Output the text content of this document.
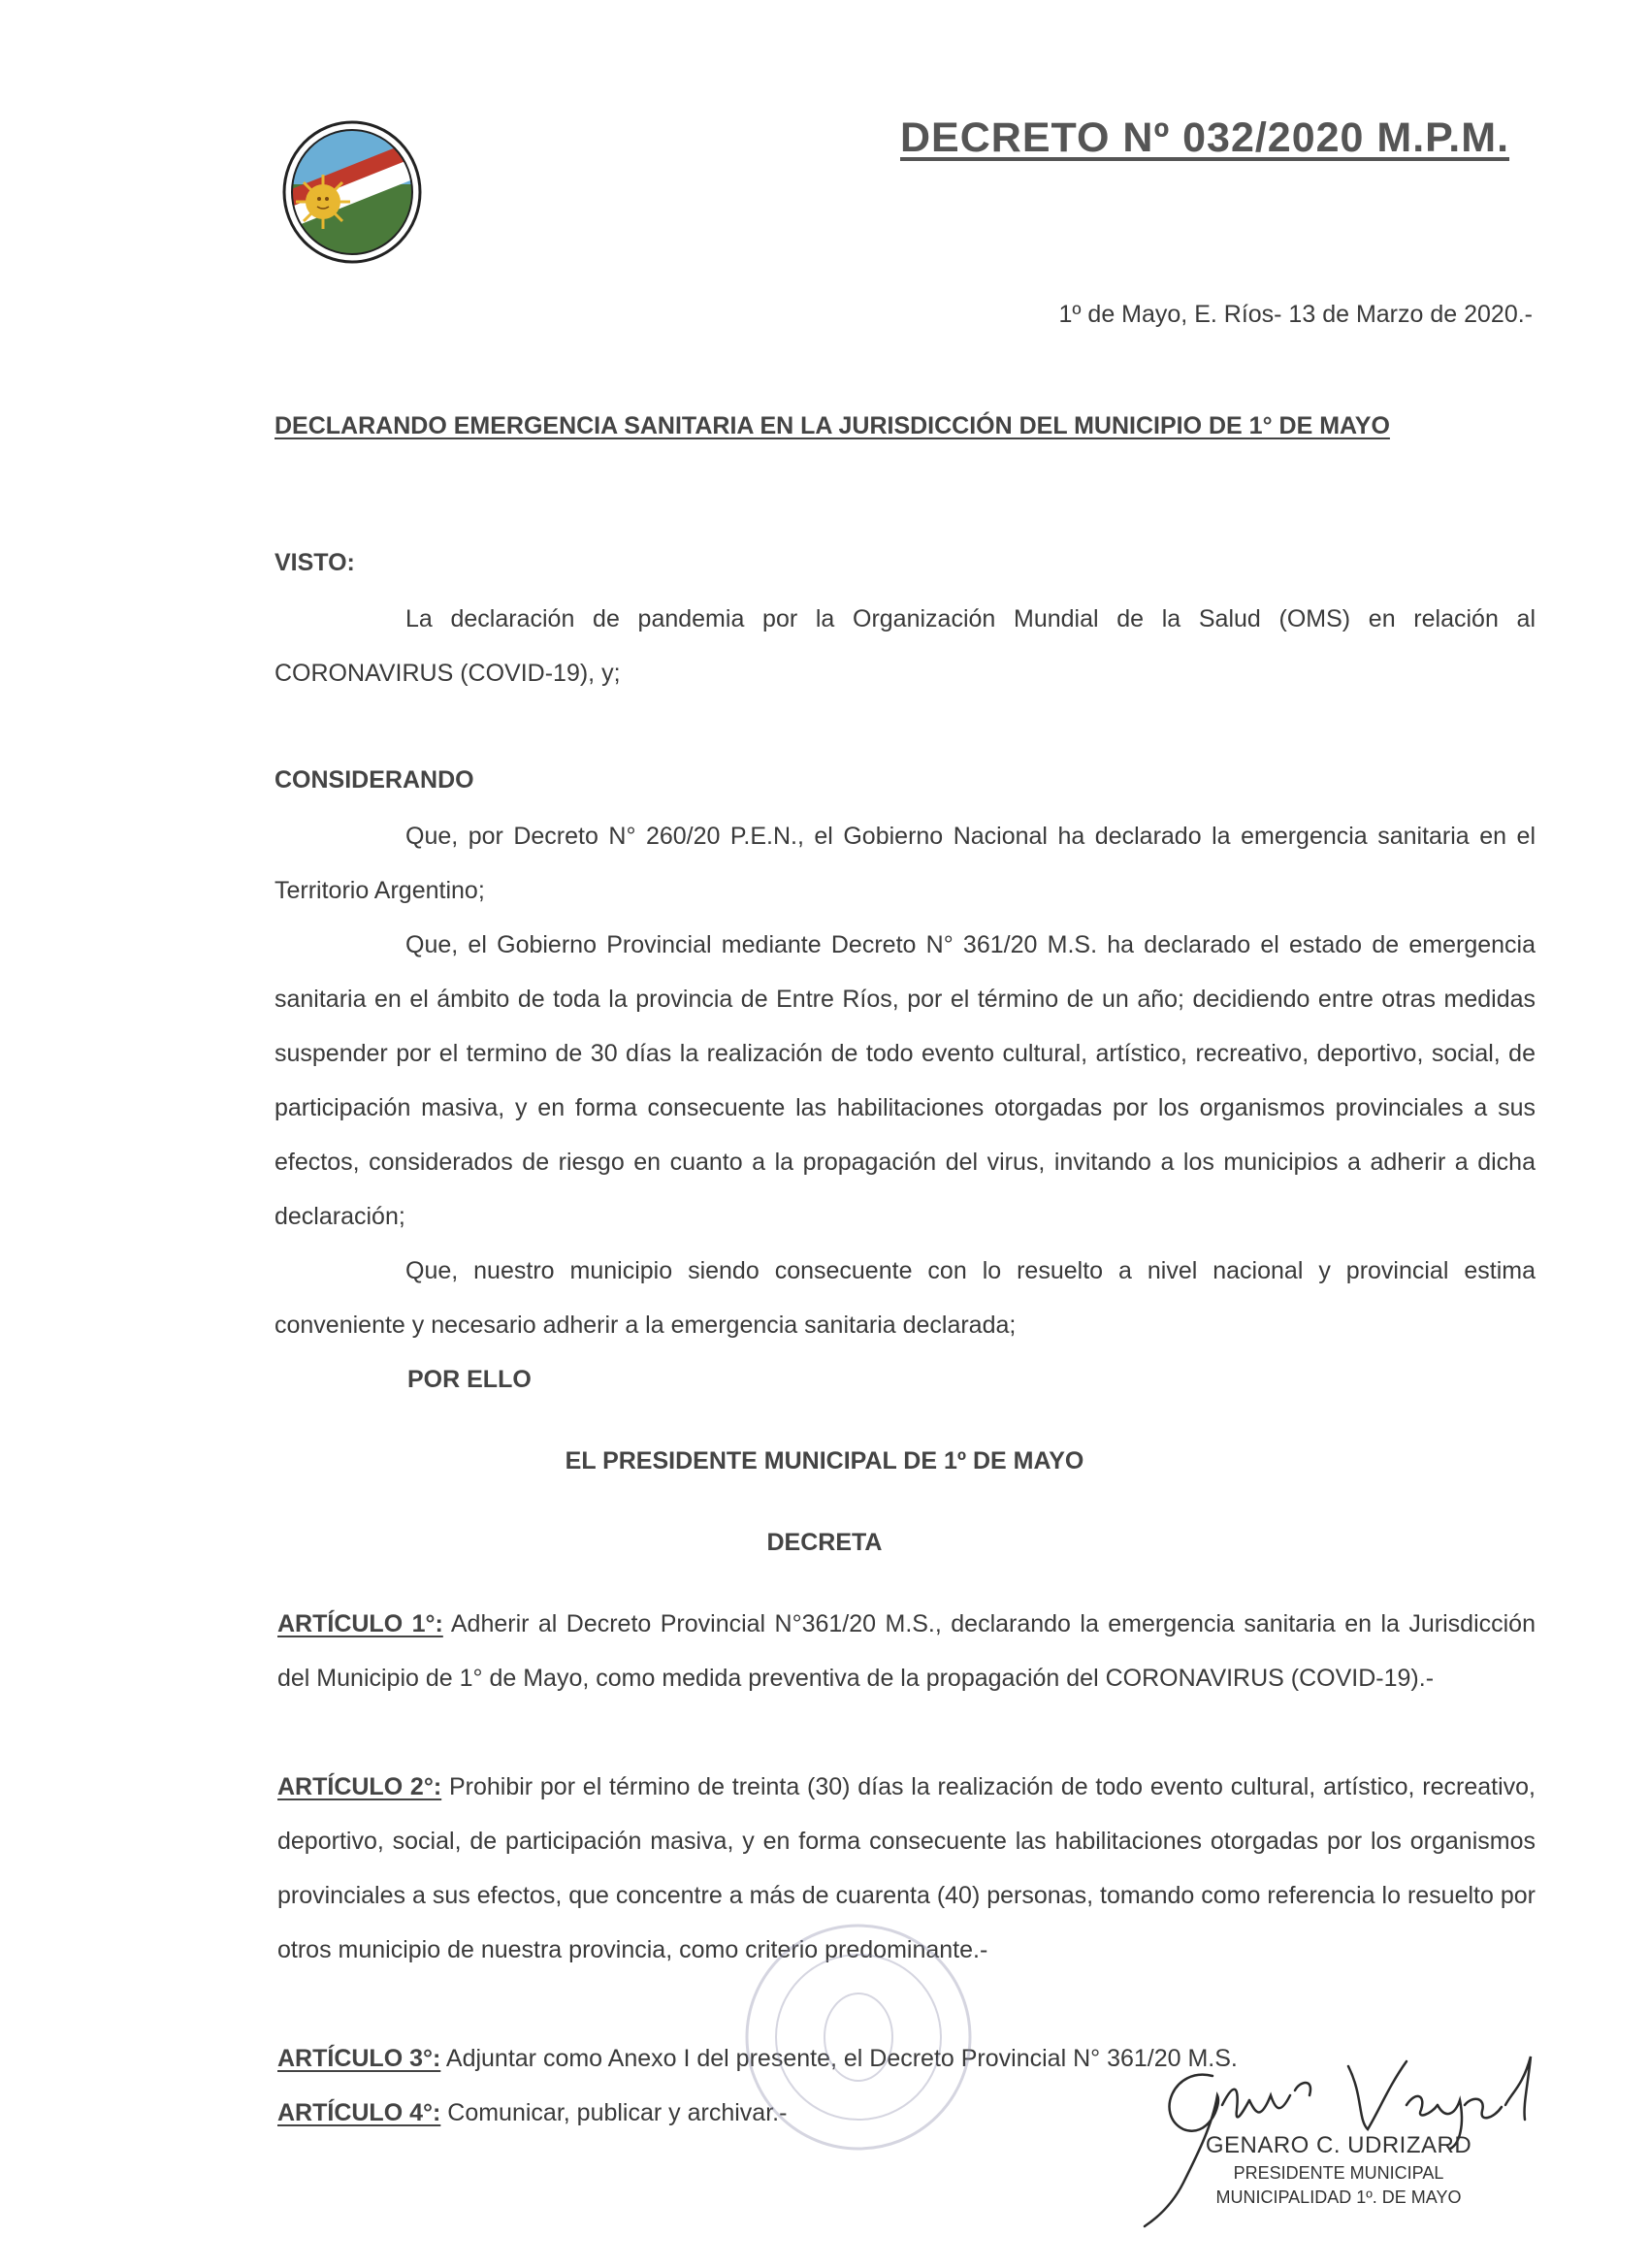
DECRETO Nº 032/2020 M.P.M.
1º de Mayo, E. Ríos- 13 de Marzo de 2020.-
DECLARANDO EMERGENCIA SANITARIA EN LA JURISDICCIÓN DEL MUNICIPIO DE 1° DE MAYO
VISTO:
La declaración de pandemia por la Organización Mundial de la Salud (OMS) en relación al CORONAVIRUS (COVID-19), y;
CONSIDERANDO
Que, por Decreto N° 260/20 P.E.N., el Gobierno Nacional ha declarado la emergencia sanitaria en el Territorio Argentino;
Que, el Gobierno Provincial mediante Decreto N° 361/20 M.S. ha declarado el estado de emergencia sanitaria en el ámbito de toda la provincia de Entre Ríos, por el término de un año; decidiendo entre otras medidas suspender por el termino de 30 días la realización de todo evento cultural, artístico, recreativo, deportivo, social, de participación masiva, y en forma consecuente las habilitaciones otorgadas por los organismos provinciales a sus efectos, considerados de riesgo en cuanto a la propagación del virus, invitando a los municipios a adherir a dicha declaración;
Que, nuestro municipio siendo consecuente con lo resuelto a nivel nacional y provincial estima conveniente y necesario adherir a la emergencia sanitaria declarada;
POR ELLO
EL PRESIDENTE MUNICIPAL DE 1º DE MAYO
DECRETA
ARTÍCULO 1°: Adherir al Decreto Provincial N°361/20 M.S., declarando la emergencia sanitaria en la Jurisdicción del Municipio de 1° de Mayo, como medida preventiva de la propagación del CORONAVIRUS (COVID-19).-
ARTÍCULO 2°: Prohibir por el término de treinta (30) días la realización de todo evento cultural, artístico, recreativo, deportivo, social, de participación masiva, y en forma consecuente las habilitaciones otorgadas por los organismos provinciales a sus efectos, que concentre a más de cuarenta (40) personas, tomando como referencia lo resuelto por otros municipio de nuestra provincia, como criterio predominante.-
ARTÍCULO 3°: Adjuntar como Anexo I del presente, el Decreto Provincial N° 361/20 M.S.
ARTÍCULO 4°: Comunicar, publicar y archivar.-
GENARO C. UDRIZARD
PRESIDENTE MUNICIPAL
MUNICIPALIDAD 1º. DE MAYO
